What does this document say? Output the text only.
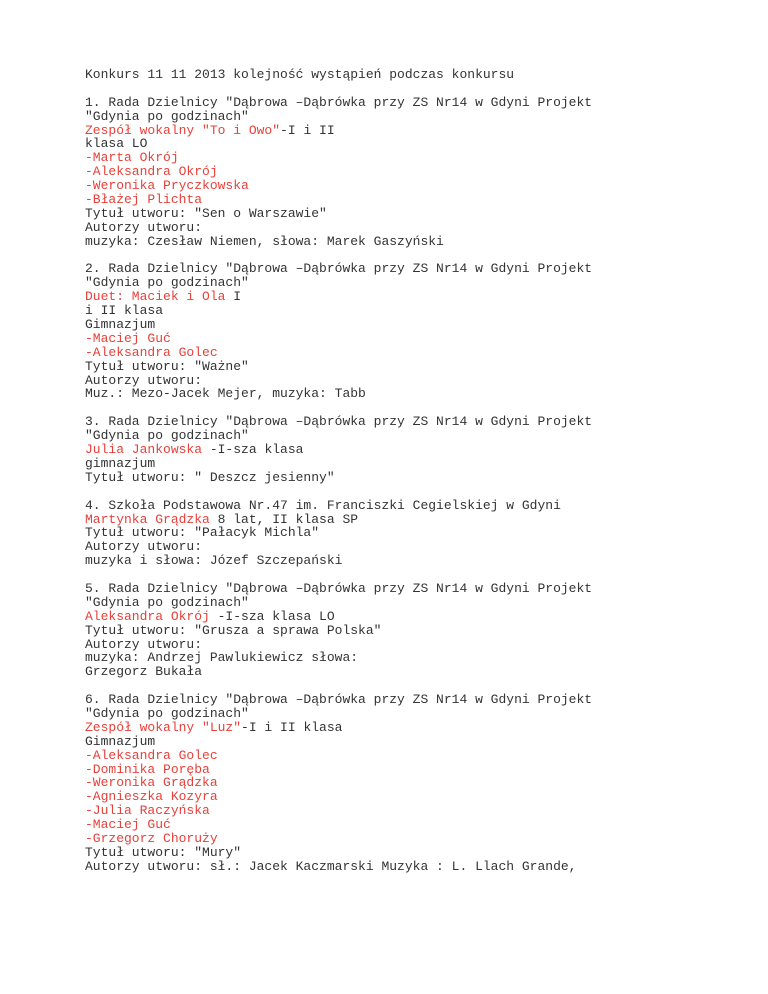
Konkurs 11 11 2013 kolejność wystąpień podczas konkursu
1. Rada Dzielnicy "Dąbrowa –Dąbrówka przy ZS Nr14 w Gdyni Projekt
"Gdynia po godzinach"
Zespół wokalny "To i Owo"-I i II
klasa LO
-Marta Okrój
-Aleksandra Okrój
-Weronika Pryczkowska
-Błażej Plichta
Tytuł utworu: "Sen o Warszawie"
Autorzy utworu:
muzyka: Czesław Niemen, słowa: Marek Gaszyński
2. Rada Dzielnicy "Dąbrowa –Dąbrówka przy ZS Nr14 w Gdyni Projekt
"Gdynia po godzinach"
Duet: Maciek i Ola I
i II klasa
Gimnazjum
-Maciej Guć
-Aleksandra Golec
Tytuł utworu: "Ważne"
Autorzy utworu:
Muz.: Mezo-Jacek Mejer, muzyka: Tabb
3. Rada Dzielnicy "Dąbrowa –Dąbrówka przy ZS Nr14 w Gdyni Projekt
"Gdynia po godzinach"
Julia Jankowska -I-sza klasa
gimnazjum
Tytuł utworu: " Deszcz jesienny"
4. Szkoła Podstawowa Nr.47 im. Franciszki Cegielskiej w Gdyni
Martynka Grądzka 8 lat, II klasa SP
Tytuł utworu: "Pałacyk Michla"
Autorzy utworu:
muzyka i słowa: Józef Szczepański
5. Rada Dzielnicy "Dąbrowa –Dąbrówka przy ZS Nr14 w Gdyni Projekt
"Gdynia po godzinach"
Aleksandra Okrój -I-sza klasa LO
Tytuł utworu: "Grusza a sprawa Polska"
Autorzy utworu:
muzyka: Andrzej Pawlukiewicz słowa:
Grzegorz Bukała
6. Rada Dzielnicy "Dąbrowa –Dąbrówka przy ZS Nr14 w Gdyni Projekt
"Gdynia po godzinach"
Zespół wokalny "Luz"-I i II klasa
Gimnazjum
-Aleksandra Golec
-Dominika Poręba
-Weronika Grądzka
-Agnieszka Kozyra
-Julia Raczyńska
-Maciej Guć
-Grzegorz Choruży
Tytuł utworu: "Mury"
Autorzy utworu: sł.: Jacek Kaczmarski Muzyka : L. Llach Grande,
